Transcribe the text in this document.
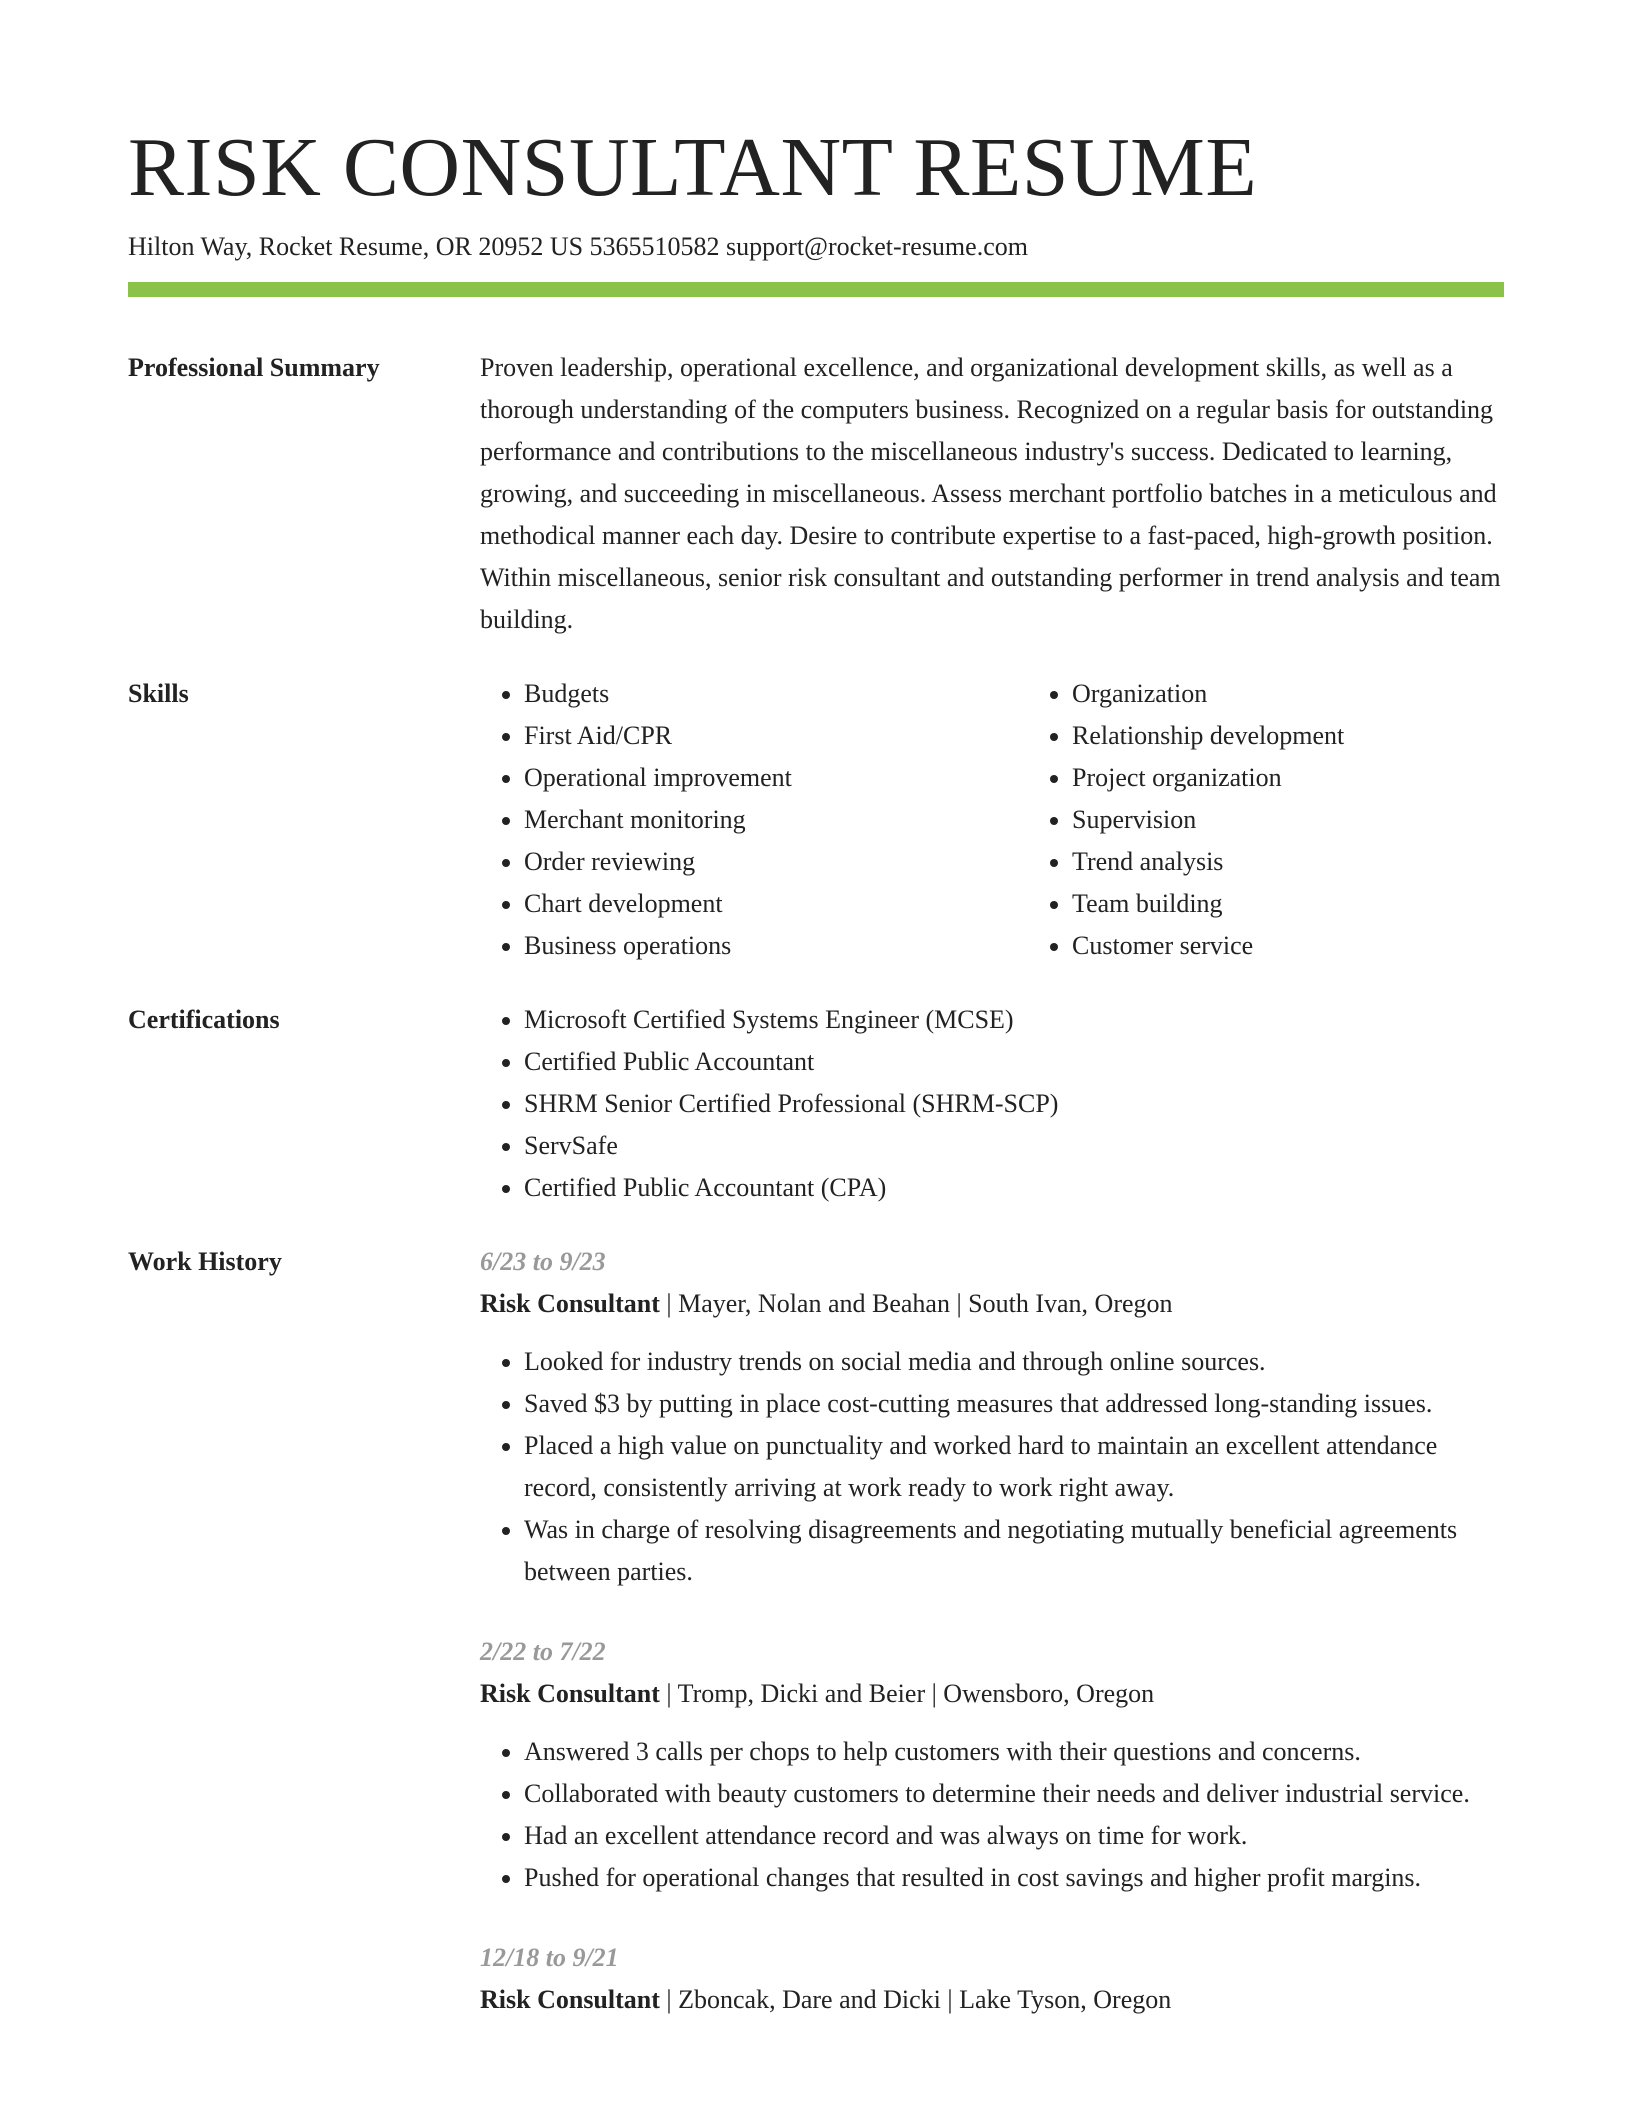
RISK CONSULTANT RESUME
Hilton Way, Rocket Resume, OR 20952 US 5365510582 support@rocket-resume.com
Professional Summary	Proven leadership, operational excellence, and organizational development skills, as well as a thorough understanding of the computers business. Recognized on a regular basis for outstanding performance and contributions to the miscellaneous industry's success. Dedicated to learning, growing, and succeeding in miscellaneous. Assess merchant portfolio batches in a meticulous and methodical manner each day. Desire to contribute expertise to a fast-paced, high-growth position. Within miscellaneous, senior risk consultant and outstanding performer in trend analysis and team building.

Skills	• Budgets
• First Aid/CPR
• Operational improvement
• Merchant monitoring
• Order reviewing
• Chart development
• Business operations
• Organization
• Relationship development
• Project organization
• Supervision
• Trend analysis
• Team building
• Customer service
Certifications	• Microsoft Certified Systems Engineer (MCSE)
• Certified Public Accountant
• SHRM Senior Certified Professional (SHRM-SCP)
• ServSafe
• Certified Public Accountant (CPA)
Work History	6/23 to 9/23
Risk Consultant | Mayer, Nolan and Beahan | South Ivan, Oregon
• Looked for industry trends on social media and through online sources.
• Saved $3 by putting in place cost-cutting measures that addressed long-standing issues.
• Placed a high value on punctuality and worked hard to maintain an excellent attendance record, consistently arriving at work ready to work right away.
• Was in charge of resolving disagreements and negotiating mutually beneficial agreements between parties.
2/22 to 7/22
Risk Consultant | Tromp, Dicki and Beier | Owensboro, Oregon
• Answered 3 calls per chops to help customers with their questions and concerns.
• Collaborated with beauty customers to determine their needs and deliver industrial service.
• Had an excellent attendance record and was always on time for work.
• Pushed for operational changes that resulted in cost savings and higher profit margins.
12/18 to 9/21
Risk Consultant | Zboncak, Dare and Dicki | Lake Tyson, Oregon
